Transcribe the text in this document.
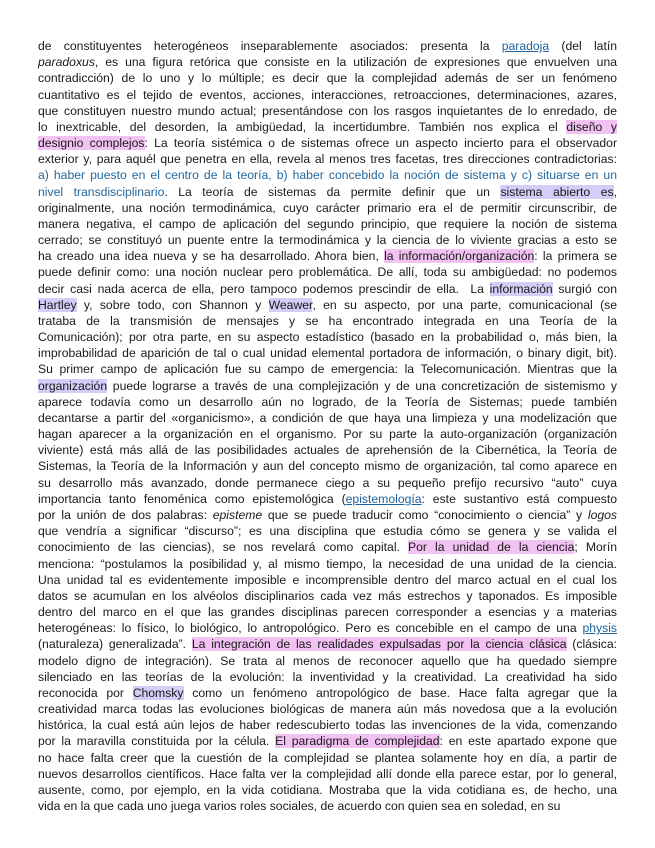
de constituyentes heterogéneos inseparablemente asociados: presenta la paradoja (del latín
paradoxus, es una figura retórica que consiste en la utilización de expresiones que envuelven una
contradicción) de lo uno y lo múltiple; es decir que la complejidad además de ser un fenómeno
cuantitativo es el tejido de eventos, acciones, interacciones, retroacciones, determinaciones, azares,
que constituyen nuestro mundo actual; presentándose con los rasgos inquietantes de lo enredado, de
lo inextricable, del desorden, la ambigüedad, la incertidumbre. También nos explica el diseño y
designio complejos: La teoría sistémica o de sistemas ofrece un aspecto incierto para el observador
exterior y, para aquél que penetra en ella, revela al menos tres facetas, tres direcciones contradictorias:
a) haber puesto en el centro de la teoría, b) haber concebido la noción de sistema y c) situarse en un
nivel transdisciplinario. La teoría de sistemas da permite definir que un sistema abierto es,
originalmente, una noción termodinámica, cuyo carácter primario era el de permitir circunscribir, de
manera negativa, el campo de aplicación del segundo principio, que requiere la noción de sistema
cerrado; se constituyó un puente entre la termodinámica y la ciencia de lo viviente gracias a esto se
ha creado una idea nueva y se ha desarrollado. Ahora bien, la información/organización: la primera se
puede definir como: una noción nuclear pero problemática. De allí, toda su ambigüedad: no podemos
decir casi nada acerca de ella, pero tampoco podemos prescindir de ella.  La información surgió con
Hartley y, sobre todo, con Shannon y Weawer, en su aspecto, por una parte, comunicacional (se
trataba de la transmisión de mensajes y se ha encontrado integrada en una Teoría de la
Comunicación); por otra parte, en su aspecto estadístico (basado en la probabilidad o, más bien, la
improbabilidad de aparición de tal o cual unidad elemental portadora de información, o binary digit, bit).
Su primer campo de aplicación fue su campo de emergencia: la Telecomunicación. Mientras que la
organización puede lograrse a través de una complejización y de una concretización de sistemismo y
aparece todavía como un desarrollo aún no logrado, de la Teoría de Sistemas; puede también
decantarse a partir del «organicismo», a condición de que haya una limpieza y una modelización que
hagan aparecer a la organización en el organismo. Por su parte la auto-organización (organización
viviente) está más allá de las posibilidades actuales de aprehensión de la Cibernética, la Teoría de
Sistemas, la Teoría de la Información y aun del concepto mismo de organización, tal como aparece en
su desarrollo más avanzado, donde permanece ciego a su pequeño prefijo recursivo “auto” cuya
importancia tanto fenoménica como epistemológica (epistemología: este sustantivo está compuesto
por la unión de dos palabras: episteme que se puede traducir como “conocimiento o ciencia” y logos
que vendría a significar “discurso”; es una disciplina que estudia cómo se genera y se valida el
conocimiento de las ciencias), se nos revelará como capital. Por la unidad de la ciencia; Morín
menciona: “postulamos la posibilidad y, al mismo tiempo, la necesidad de una unidad de la ciencia.
Una unidad tal es evidentemente imposible e incomprensible dentro del marco actual en el cual los
datos se acumulan en los alvéolos disciplinarios cada vez más estrechos y taponados. Es imposible
dentro del marco en el que las grandes disciplinas parecen corresponder a esencias y a materias
heterogéneas: lo físico, lo biológico, lo antropológico. Pero es concebible en el campo de una physis
(naturaleza) generalizada”. La integración de las realidades expulsadas por la ciencia clásica (clásica:
modelo digno de integración). Se trata al menos de reconocer aquello que ha quedado siempre
silenciado en las teorías de la evolución: la inventividad y la creatividad. La creatividad ha sido
reconocida por Chomsky como un fenómeno antropológico de base. Hace falta agregar que la
creatividad marca todas las evoluciones biológicas de manera aún más novedosa que a la evolución
histórica, la cual está aún lejos de haber redescubierto todas las invenciones de la vida, comenzando
por la maravilla constituida por la célula. El paradigma de complejidad: en este apartado expone que
no hace falta creer que la cuestión de la complejidad se plantea solamente hoy en día, a partir de
nuevos desarrollos científicos. Hace falta ver la complejidad allí donde ella parece estar, por lo general,
ausente, como, por ejemplo, en la vida cotidiana. Mostraba que la vida cotidiana es, de hecho, una
vida en la que cada uno juega varios roles sociales, de acuerdo con quien sea en soledad, en su
